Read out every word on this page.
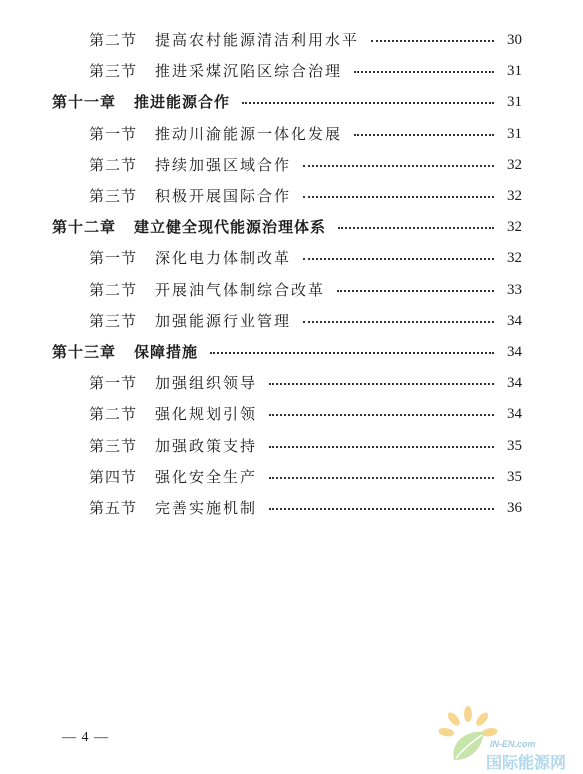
第二节 提高农村能源清洁利用水平	30
第三节 推进采煤沉陷区综合治理	31
第十一章 推进能源合作	31
第一节 推动川渝能源一体化发展	31
第二节 持续加强区域合作	32
第三节 积极开展国际合作	32
第十二章 建立健全现代能源治理体系	32
第一节 深化电力体制改革	32
第二节 开展油气体制综合改革	33
第三节 加强能源行业管理	34
第十三章 保障措施	34
第一节 加强组织领导	34
第二节 强化规划引领	34
第三节 加强政策支持	35
第四节 强化安全生产	35
第五节 完善实施机制	36
— 4 —	IN-EN.com
国际能源网
